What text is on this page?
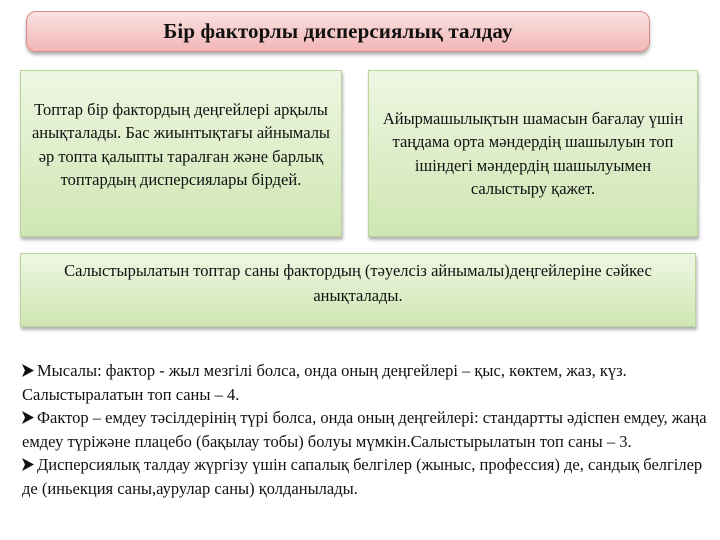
Бір факторлы дисперсиялық талдау
Топтар бір фактордың деңгейлері арқылы анықталады. Бас жиынтықтағы айнымалы әр топта қалыпты таралған және барлық топтардың дисперсиялары бірдей.
Айырмашылықтын шамасын бағалау үшін таңдама орта мәндердің шашылуын топ ішіндегі мәндердің шашылуымен салыстыру қажет.
Салыстырылатын топтар саны фактордың (тәуелсіз айнымалы)деңгейлеріне сәйкес анықталады.
Мысалы: фактор - жыл мезгілі болса, онда оның деңгейлері – қыс, көктем, жаз, күз. Салыстыралатын топ саны – 4.
Фактор – емдеу тәсілдерінің түрі болса, онда оның деңгейлері: стандартты әдіспен емдеу, жаңа емдеу түріжәне плацебо (бақылау тобы) болуы мүмкін.Салыстырылатын топ саны – 3.
Дисперсиялық талдау жүргізу үшін сапалық белгілер (жыныс, профессия) де, сандық белгілер де (иньекция саны,аурулар саны) қолданылады.
